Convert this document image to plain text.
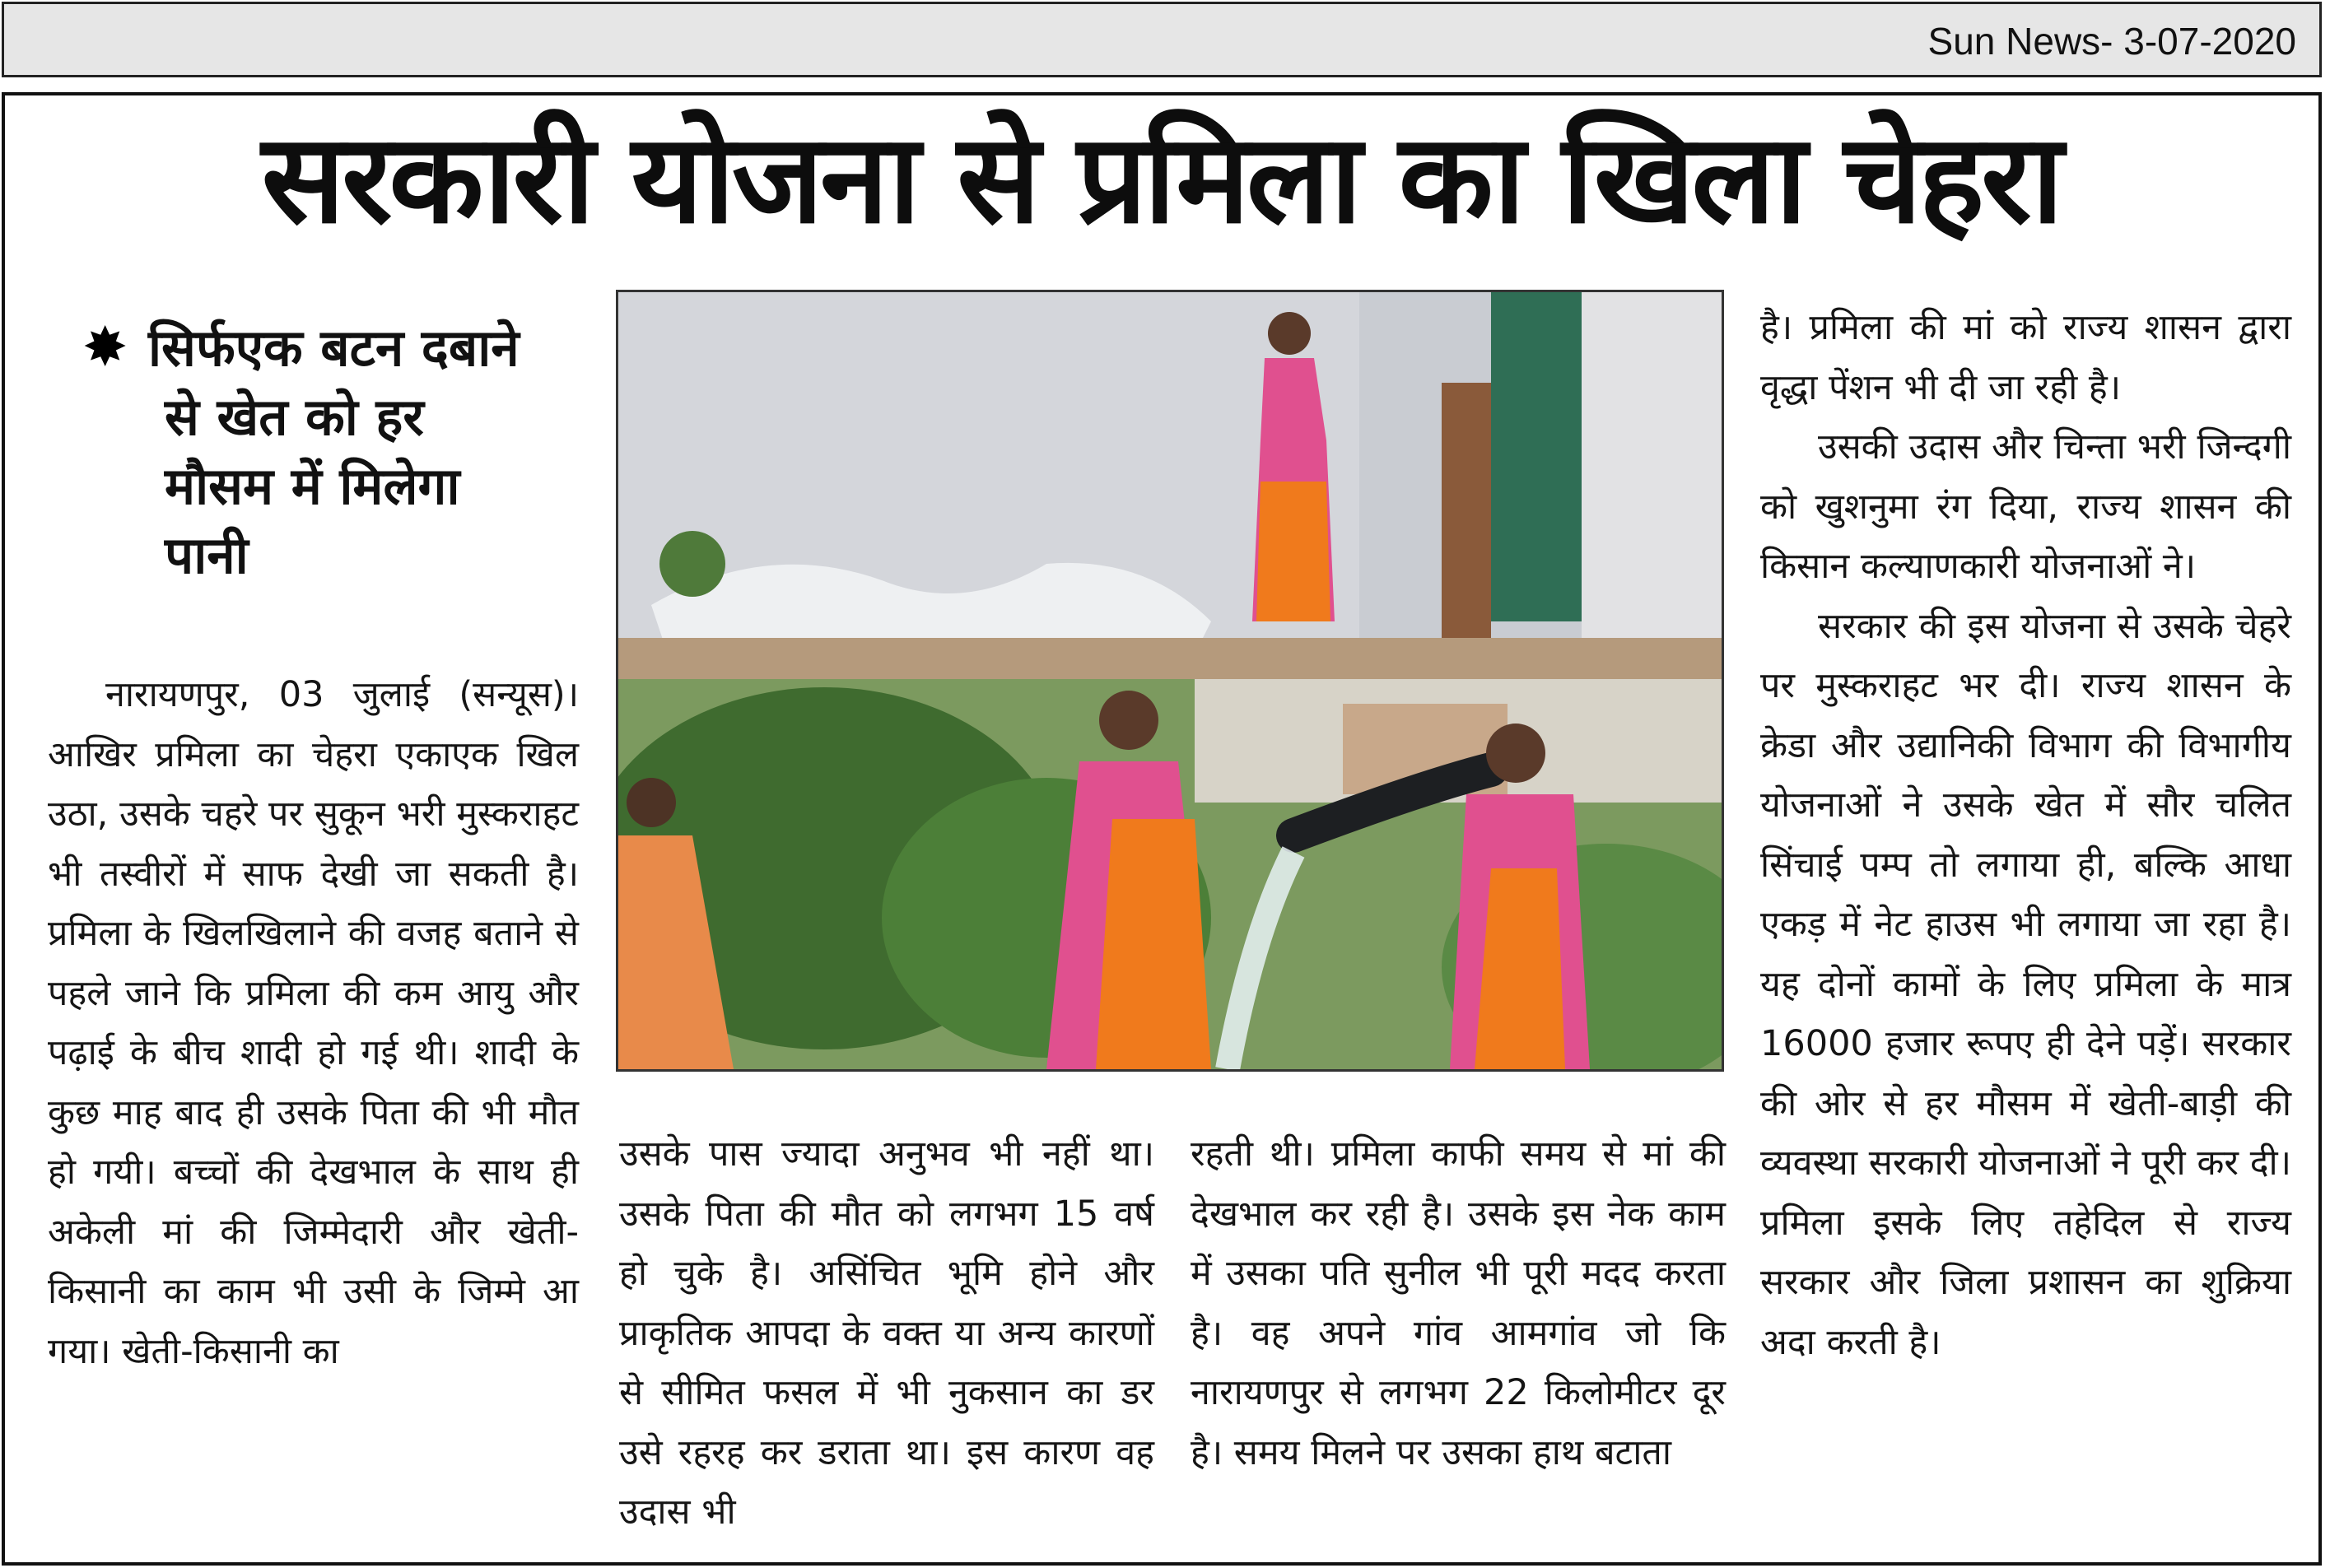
Sun News- 3-07-2020
सरकारी योजना से प्रमिला का खिला चेहरा
✸ सिर्फएक बटन दबाने
से खेत को हर
मौसम में मिलेगा
पानी

नारायणपुर, 03 जुलाई (सन्यूस)। आखिर प्रमिला का चेहरा एकाएक खिल उठा, उसके चहरे पर सुकून भरी मुस्कराहट भी तस्वीरों में साफ देखी जा सकती है। प्रमिला के खिलखिलाने की वजह बताने से पहले जाने कि प्रमिला की कम आयु और पढ़ाई के बीच शादी हो गई थी। शादी के कुछ माह बाद ही उसके पिता की भी मौत हो गयी। बच्चों की देखभाल के साथ ही अकेली मां की जिम्मेदारी और खेती-किसानी का काम भी उसी के जिम्मे आ गया। खेती-किसानी का

उसके पास ज्यादा अनुभव भी नहीं था। उसके पिता की मौत को लगभग 15 वर्ष हो चुके है। असिंचित भूमि होने और प्राकृतिक आपदा के वक्त या अन्य कारणों से सीमित फसल में भी नुकसान का डर उसे रहरह कर डराता था। इस कारण वह उदास भी

रहती थी। प्रमिला काफी समय से मां की देखभाल कर रही है। उसके इस नेक काम में उसका पति सुनील भी पूरी मदद करता है। वह अपने गांव आमगांव जो कि नारायणपुर से लगभग 22 किलोमीटर दूर है। समय मिलने पर उसका हाथ बटाता

है। प्रमिला की मां को राज्य शासन द्वारा वृद्धा पेंशन भी दी जा रही है।

उसकी उदास और चिन्ता भरी जिन्दगी को खुशनुमा रंग दिया, राज्य शासन की किसान कल्याणकारी योजनाओं ने।

सरकार की इस योजना से उसके चेहरे पर मुस्कराहट भर दी। राज्य शासन के क्रेडा और उद्यानिकी विभाग की विभागीय योजनाओं ने उसके खेत में सौर चलित सिंचाई पम्प तो लगाया ही, बल्कि आधा एकड़ में नेट हाउस भी लगाया जा रहा है। यह दोनों कामों के लिए प्रमिला के मात्र 16000 हजार रूपए ही देने पड़ें। सरकार की ओर से हर मौसम में खेती-बाड़ी की व्यवस्था सरकारी योजनाओं ने पूरी कर दी। प्रमिला इसके लिए तहेदिल से राज्य सरकार और जिला प्रशासन का शुक्रिया अदा करती है।
